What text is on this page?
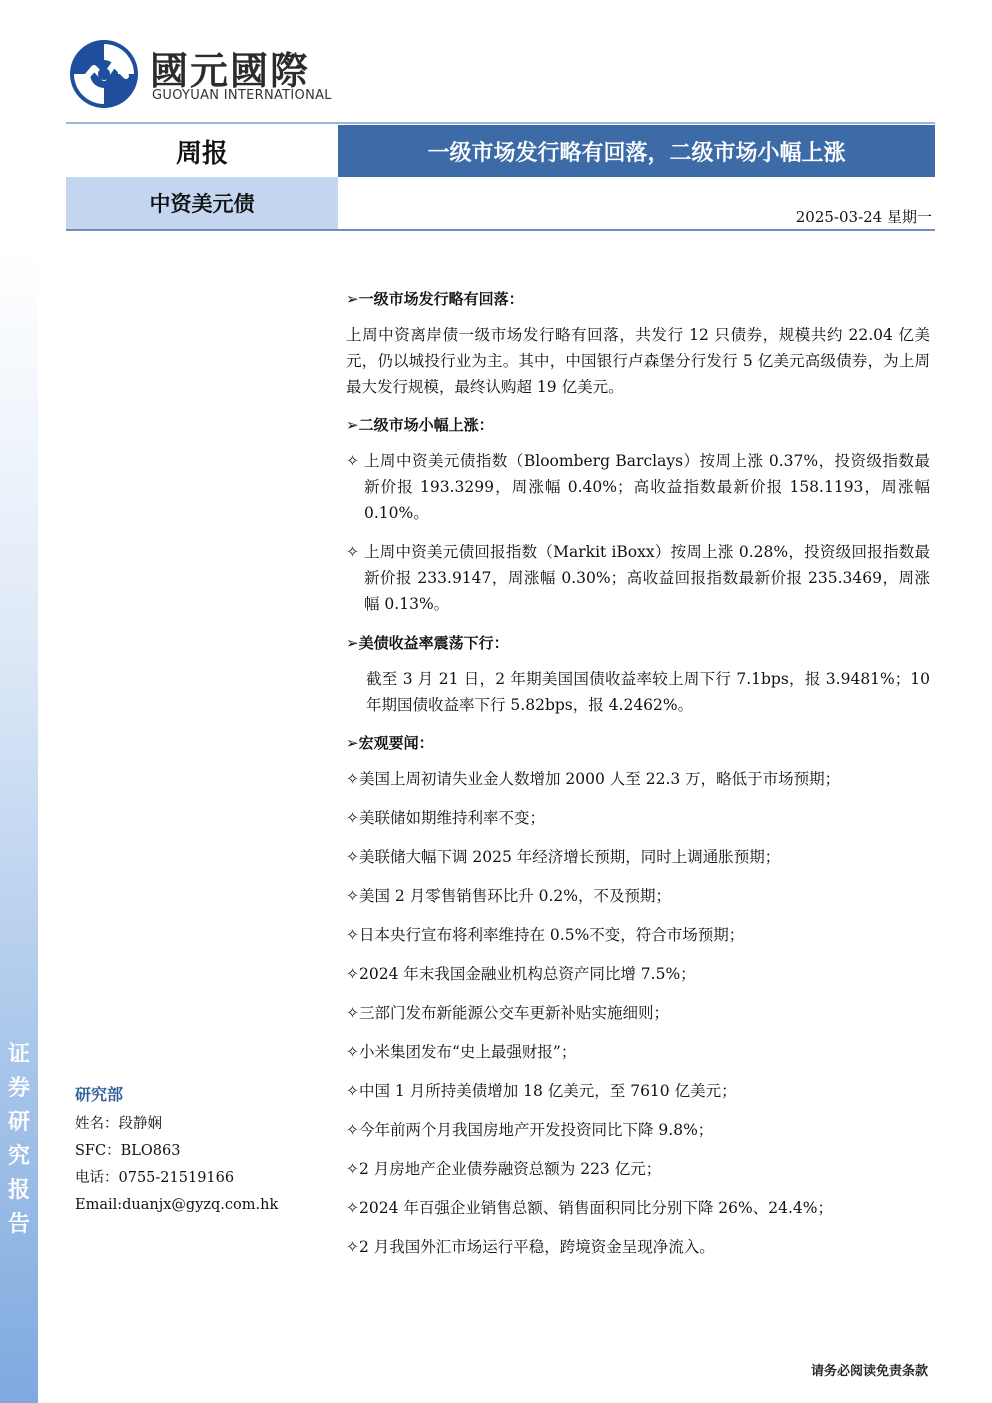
证
券
研
究
报
告
國元國際
GUOYUAN INTERNATIONAL
周报	一级市场发行略有回落，二级市场小幅上涨
中资美元债
2025-03-24 星期一
➢一级市场发行略有回落：
上周中资离岸债一级市场发行略有回落，共发行 12 只债券，规模共约 22.04 亿美元，仍以城投行业为主。其中，中国银行卢森堡分行发行 5 亿美元高级债券，为上周最大发行规模，最终认购超 19 亿美元。
➢二级市场小幅上涨：
✧ 上周中资美元债指数（Bloomberg Barclays）按周上涨 0.37%，投资级指数最新价报 193.3299，周涨幅 0.40%；高收益指数最新价报 158.1193，周涨幅 0.10%。
✧ 上周中资美元债回报指数（Markit iBoxx）按周上涨 0.28%，投资级回报指数最新价报 233.9147，周涨幅 0.30%；高收益回报指数最新价报 235.3469，周涨幅 0.13%。
➢美债收益率震荡下行：
截至 3 月 21 日，2 年期美国国债收益率较上周下行 7.1bps，报 3.9481%；10 年期国债收益率下行 5.82bps，报 4.2462%。
➢宏观要闻：
✧美国上周初请失业金人数增加 2000 人至 22.3 万，略低于市场预期；
✧美联储如期维持利率不变；
✧美联储大幅下调 2025 年经济增长预期，同时上调通胀预期；
✧美国 2 月零售销售环比升 0.2%，不及预期；
✧日本央行宣布将利率维持在 0.5%不变，符合市场预期；
✧2024 年末我国金融业机构总资产同比增 7.5%；
✧三部门发布新能源公交车更新补贴实施细则；
✧小米集团发布“史上最强财报”；
✧中国 1 月所持美债增加 18 亿美元，至 7610 亿美元；
✧今年前两个月我国房地产开发投资同比下降 9.8%；
✧2 月房地产企业债券融资总额为 223 亿元；
✧2024 年百强企业销售总额、销售面积同比分别下降 26%、24.4%；
✧2 月我国外汇市场运行平稳，跨境资金呈现净流入。
研究部
姓名：段静娴
SFC：BLO863
电话：0755-21519166
Email:duanjx@gyzq.com.hk
请务必阅读免责条款
